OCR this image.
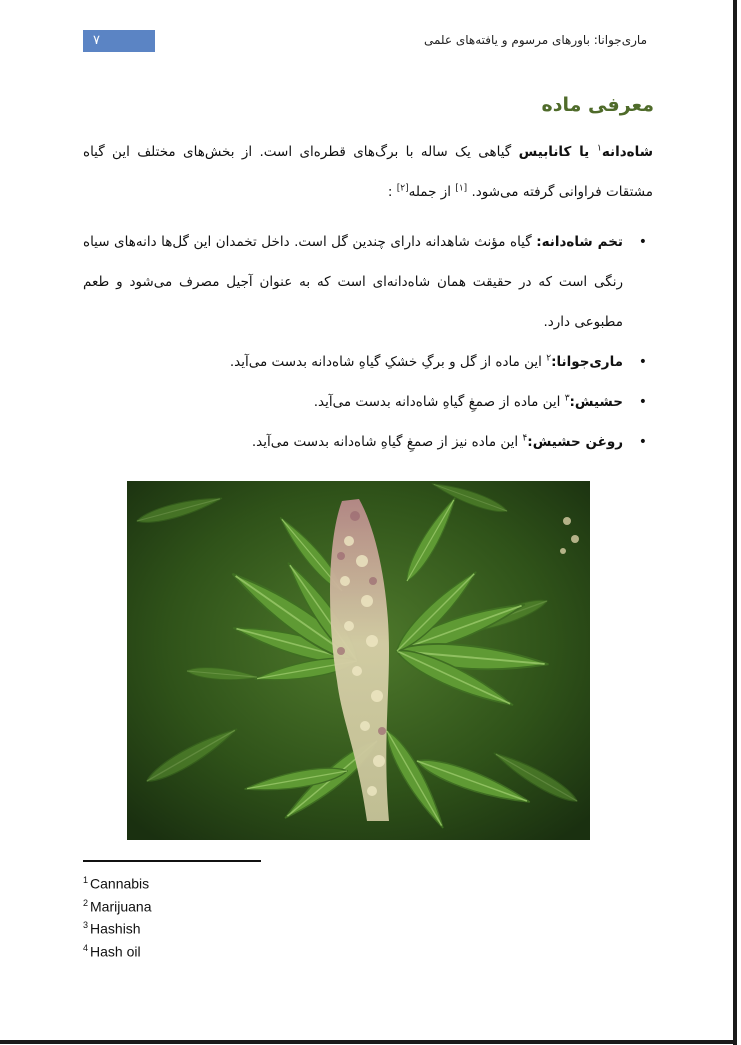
۷	ماری‌جوانا: باورهای مرسوم و یافته‌های علمی
معرفی ماده
شاه‌دانه$^۱$ یا کانابیس گیاهی یک ساله با برگ‌های قطره‌ای است. از بخش‌های مختلف این گیاه مشتقات فراوانی گرفته می‌شود. [۱] از جمله[۲] :
• تخم شاه‌دانه: گیاه مؤنث شاهدانه دارای چندین گل است. داخل تخمدان این گل‌ها دانه‌های سیاه رنگی است که در حقیقت همان شاه‌دانه‌ای است که به عنوان آجیل مصرف می‌شود و طعم مطبوعی دارد.
• ماری‌جوانا:$^۲$ این ماده از گل و برگِ خشکِ گیاهِ شاه‌دانه بدست می‌آید.
• حشیش:$^۳$ این ماده از صمغِ گیاهِ شاه‌دانه بدست می‌آید.
• روغن حشیش:$^۴$ این ماده نیز از صمغِ گیاهِ شاه‌دانه بدست می‌آید.
$^1$ Cannabis
$^2$ Marijuana
$^3$ Hashish
$^4$ Hash oil
